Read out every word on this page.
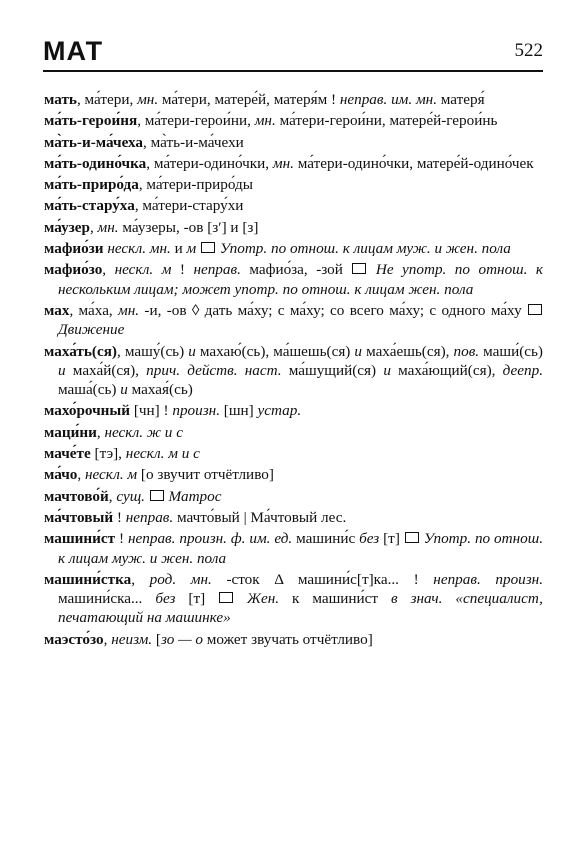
МАТ	522

мать, ма́тери, мн. ма́тери, матере́й, матеря́м ! неправ. им. мн. матеря́

ма́ть-герои́ня, ма́тери-герои́ни, мн. ма́тери-герои́ни, матере́й-герои́нь

ма̀ть-и-ма́чеха, ма̀ть-и-ма́чехи

ма́ть-одино́чка, ма́тери-одино́чки, мн. ма́тери-одино́чки, матере́й-одино́чек

ма́ть-приро́да, ма́тери-приро́ды

ма́ть-стару́ха, ма́тери-стару́хи

ма́узер, мн. ма́узеры, -ов [зʹ] и [з]

мафио́зи нескл. мн. и м  Употр. по отнош. к лицам муж. и жен. пола

мафио́зо, нескл. м ! неправ. мафио́за, -зой  Не употр. по отнош. к нескольким лицам; может употр. по отнош. к лицам жен. пола

мах, ма́ха, мн. -и, -ов ◊ дать ма́ху; с ма́ху; со всего ма́ху; с одного ма́ху  Движение

маха́ть(ся), машу́(сь) и махаю́(сь), ма́шешь(ся) и маха́ешь(ся), пов. маши́(сь) и маха́й(ся), прич. действ. наст. ма́шущий(ся) и маха́ющий(ся), деепр. маша́(сь) и махая́(сь)

махо́рочный [чн] ! произн. [шн] устар.

маци́ни, нескл. ж и с

маче́те [тэ], нескл. м и с

ма́чо, нескл. м [о звучит отчётливо]

мачтово́й, сущ.  Матрос

ма́чтовый ! неправ. мачто́вый | Ма́чтовый лес.

машини́ст ! неправ. произн. ф. им. ед. машини́с без [т]  Употр. по отнош. к лицам муж. и жен. пола

машини́стка, род. мн. -сток Δ машини́с[т]ка... ! неправ. произн. машини́ска... без [т]  Жен. к машини́ст в знач. «специалист, печатающий на машинке»

маэсто́зо, неизм. [зо — о может звучать отчётливо]
